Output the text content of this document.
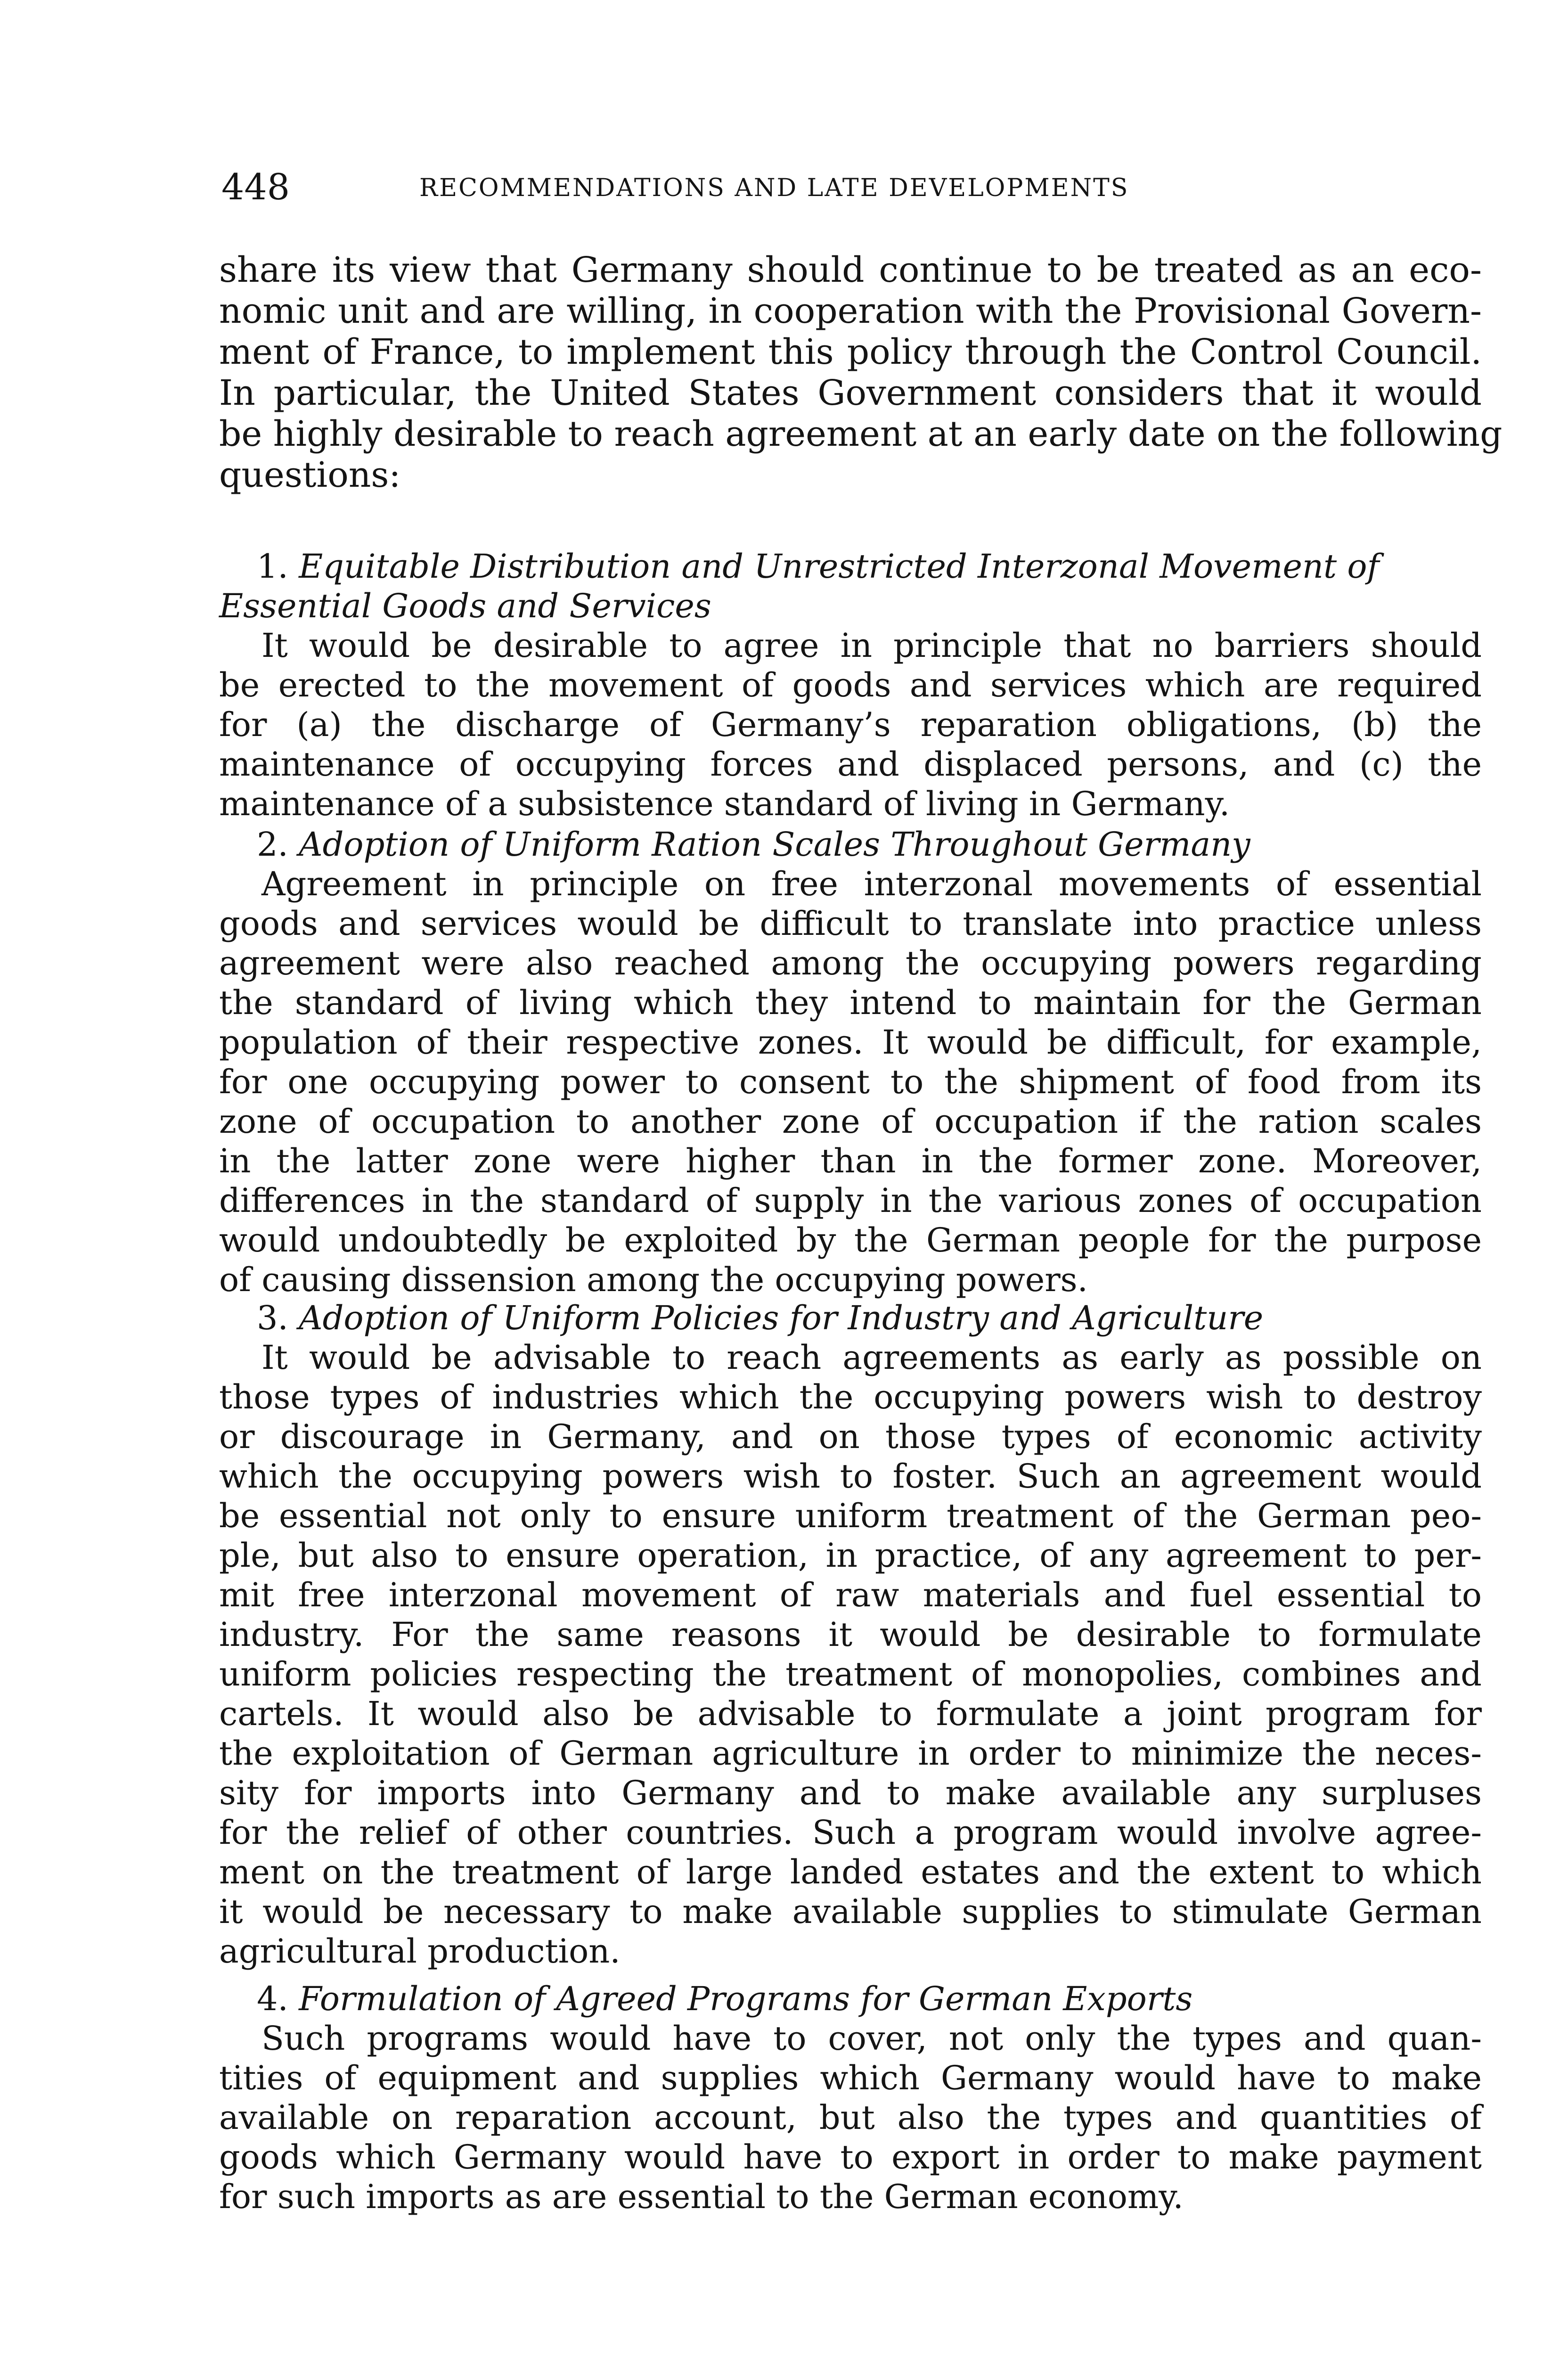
448	RECOMMENDATIONS AND LATE DEVELOPMENTS
share its view that Germany should continue to be treated as an eco-
nomic unit and are willing, in cooperation with the Provisional Govern-
ment of France, to implement this policy through the Control Council.
In particular, the United States Government considers that it would
be highly desirable to reach agreement at an early date on the following
questions:
1. Equitable Distribution and Unrestricted Interzonal Movement of
Essential Goods and Services
It would be desirable to agree in principle that no barriers should
be erected to the movement of goods and services which are required
for (a) the discharge of Germany’s reparation obligations, (b) the
maintenance of occupying forces and displaced persons, and (c) the
maintenance of a subsistence standard of living in Germany.
2. Adoption of Uniform Ration Scales Throughout Germany
Agreement in principle on free interzonal movements of essential
goods and services would be difficult to translate into practice unless
agreement were also reached among the occupying powers regarding
the standard of living which they intend to maintain for the German
population of their respective zones. It would be difficult, for example,
for one occupying power to consent to the shipment of food from its
zone of occupation to another zone of occupation if the ration scales
in the latter zone were higher than in the former zone. Moreover,
differences in the standard of supply in the various zones of occupation
would undoubtedly be exploited by the German people for the purpose
of causing dissension among the occupying powers.
3. Adoption of Uniform Policies for Industry and Agriculture
It would be advisable to reach agreements as early as possible on
those types of industries which the occupying powers wish to destroy
or discourage in Germany, and on those types of economic activity
which the occupying powers wish to foster. Such an agreement would
be essential not only to ensure uniform treatment of the German peo-
ple, but also to ensure operation, in practice, of any agreement to per-
mit free interzonal movement of raw materials and fuel essential to
industry. For the same reasons it would be desirable to formulate
uniform policies respecting the treatment of monopolies, combines and
cartels. It would also be advisable to formulate a joint program for
the exploitation of German agriculture in order to minimize the neces-
sity for imports into Germany and to make available any surpluses
for the relief of other countries. Such a program would involve agree-
ment on the treatment of large landed estates and the extent to which
it would be necessary to make available supplies to stimulate German
agricultural production.
4. Formulation of Agreed Programs for German Exports
Such programs would have to cover, not only the types and quan-
tities of equipment and supplies which Germany would have to make
available on reparation account, but also the types and quantities of
goods which Germany would have to export in order to make payment
for such imports as are essential to the German economy.
